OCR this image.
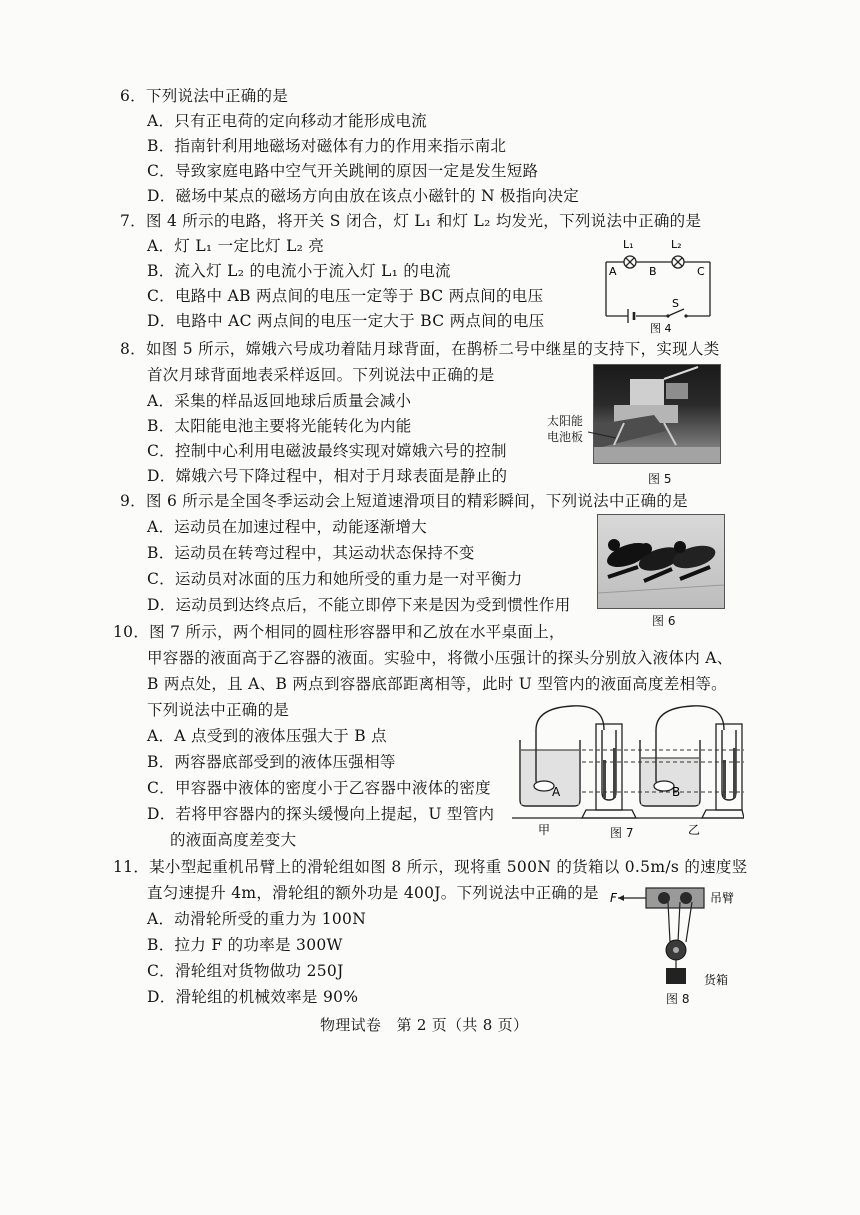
6．下列说法中正确的是
A．只有正电荷的定向移动才能形成电流
B．指南针利用地磁场对磁体有力的作用来指示南北
C．导致家庭电路中空气开关跳闸的原因一定是发生短路
D．磁场中某点的磁场方向由放在该点小磁针的 N 极指向决定
7．图 4 所示的电路，将开关 S 闭合，灯 L₁ 和灯 L₂ 均发光，下列说法中正确的是
A．灯 L₁ 一定比灯 L₂ 亮
B．流入灯 L₂ 的电流小于流入灯 L₁ 的电流
C．电路中 AB 两点间的电压一定等于 BC 两点间的电压
D．电路中 AC 两点间的电压一定大于 BC 两点间的电压
L₁	L₂
A	B	C
S
图 4
8．如图 5 所示，嫦娥六号成功着陆月球背面，在鹊桥二号中继星的支持下，实现人类
首次月球背面地表采样返回。下列说法中正确的是
A．采集的样品返回地球后质量会减小
B．太阳能电池主要将光能转化为内能
C．控制中心利用电磁波最终实现对嫦娥六号的控制
D．嫦娥六号下降过程中，相对于月球表面是静止的
太阳能
电池板
图 5
9．图 6 所示是全国冬季运动会上短道速滑项目的精彩瞬间，下列说法中正确的是
A．运动员在加速过程中，动能逐渐增大
B．运动员在转弯过程中，其运动状态保持不变
C．运动员对冰面的压力和她所受的重力是一对平衡力
D．运动员到达终点后，不能立即停下来是因为受到惯性作用
图 6
10．图 7 所示，两个相同的圆柱形容器甲和乙放在水平桌面上，
甲容器的液面高于乙容器的液面。实验中，将微小压强计的探头分别放入液体内 A、
B 两点处，且 A、B 两点到容器底部距离相等，此时 U 型管内的液面高度差相等。
下列说法中正确的是
A．A 点受到的液体压强大于 B 点
B．两容器底部受到的液体压强相等
C．甲容器中液体的密度小于乙容器中液体的密度
D．若将甲容器内的探头缓慢向上提起，U 型管内
的液面高度差变大
A	B
甲	乙
图 7
11．某小型起重机吊臂上的滑轮组如图 8 所示，现将重 500N 的货箱以 0.5m/s 的速度竖
直匀速提升 4m，滑轮组的额外功是 400J。下列说法中正确的是
A．动滑轮所受的重力为 100N
B．拉力 F 的功率是 300W
C．滑轮组对货物做功 250J
D．滑轮组的机械效率是 90%
F	吊臂
货箱
图 8
物理试卷　第 2 页（共 8 页）
